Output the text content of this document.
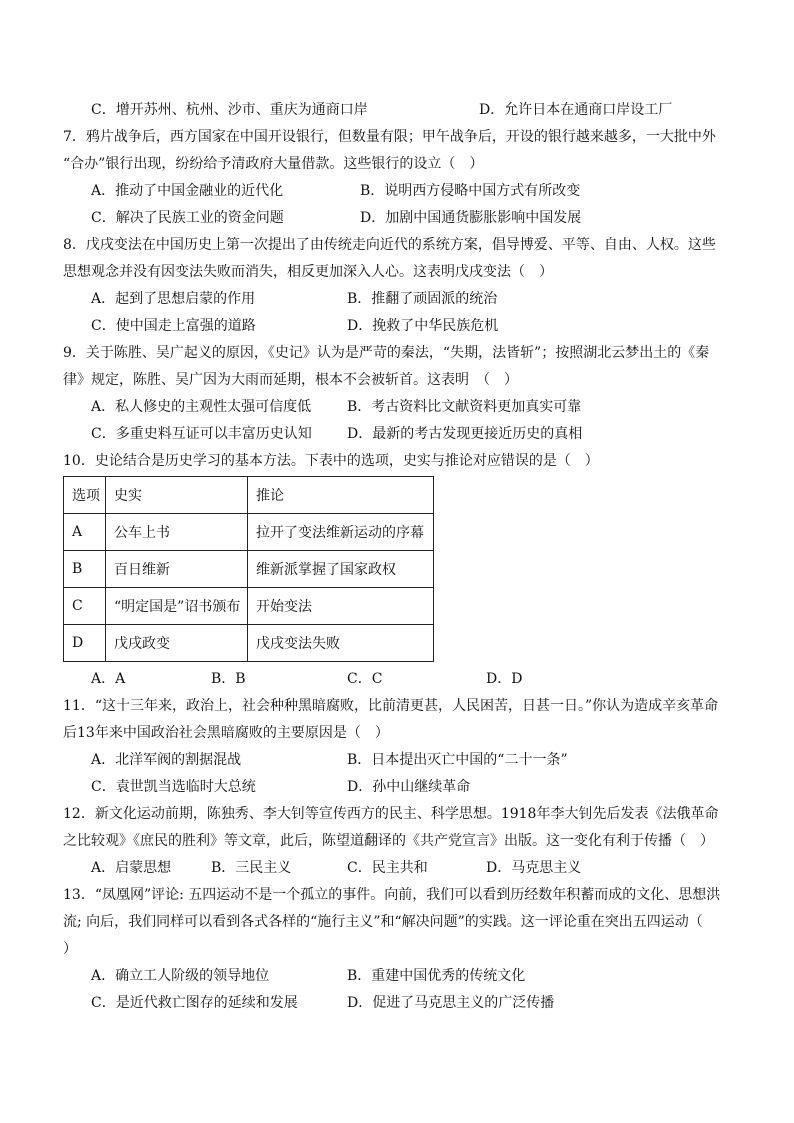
C．增开苏州、杭州、沙市、重庆为通商口岸	D．允许日本在通商口岸设工厂
7．鸦片战争后，西方国家在中国开设银行，但数量有限；甲午战争后，开设的银行越来越多，一大批中外
“合办”银行出现，纷纷给予清政府大量借款。这些银行的设立（　）
A．推动了中国金融业的近代化	B．说明西方侵略中国方式有所改变
C．解决了民族工业的资金问题	D．加剧中国通货膨胀影响中国发展
8．戊戌变法在中国历史上第一次提出了由传统走向近代的系统方案，倡导博爱、平等、自由、人权。这些
思想观念并没有因变法失败而消失，相反更加深入人心。这表明戊戌变法（　）
A．起到了思想启蒙的作用	B．推翻了顽固派的统治
C．使中国走上富强的道路	D．挽救了中华民族危机
9．关于陈胜、吴广起义的原因，《史记》认为是严苛的秦法，“失期，法皆斩”；按照湖北云梦出土的《秦
律》规定，陈胜、吴广因为大雨而延期，根本不会被斩首。这表明　（　）
A．私人修史的主观性太强可信度低	B．考古资料比文献资料更加真实可靠
C．多重史料互证可以丰富历史认知	D．最新的考古发现更接近历史的真相
10．史论结合是历史学习的基本方法。下表中的选项，史实与推论对应错误的是（　）
选项	史实	推论
A	公车上书	拉开了变法维新运动的序幕
B	百日维新	维新派掌握了国家政权
C	“明定国是”诏书颁布	开始变法
D	戊戌政变	戊戌变法失败
A．A	B．B	C．C	D．D
11．“这十三年来，政治上，社会种种黑暗腐败，比前清更甚，人民困苦，日甚一日。”你认为造成辛亥革命
后13年来中国政治社会黑暗腐败的主要原因是（　）
A．北洋军阀的割据混战	B．日本提出灭亡中国的“二十一条”
C．袁世凯当选临时大总统	D．孙中山继续革命
12．新文化运动前期，陈独秀、李大钊等宣传西方的民主、科学思想。1918年李大钊先后发表《法俄革命
之比较观》《庶民的胜利》等文章，此后，陈望道翻译的《共产党宣言》出版。这一变化有利于传播（　）
A．启蒙思想	B．三民主义	C．民主共和	D．马克思主义
13．“凤凰网”评论: 五四运动不是一个孤立的事件。向前，我们可以看到历经数年积蓄而成的文化、思想洪
流; 向后，我们同样可以看到各式各样的“施行主义”和“解决问题”的实践。这一评论重在突出五四运动（
）
A．确立工人阶级的领导地位	B．重建中国优秀的传统文化
C．是近代救亡图存的延续和发展	D．促进了马克思主义的广泛传播
